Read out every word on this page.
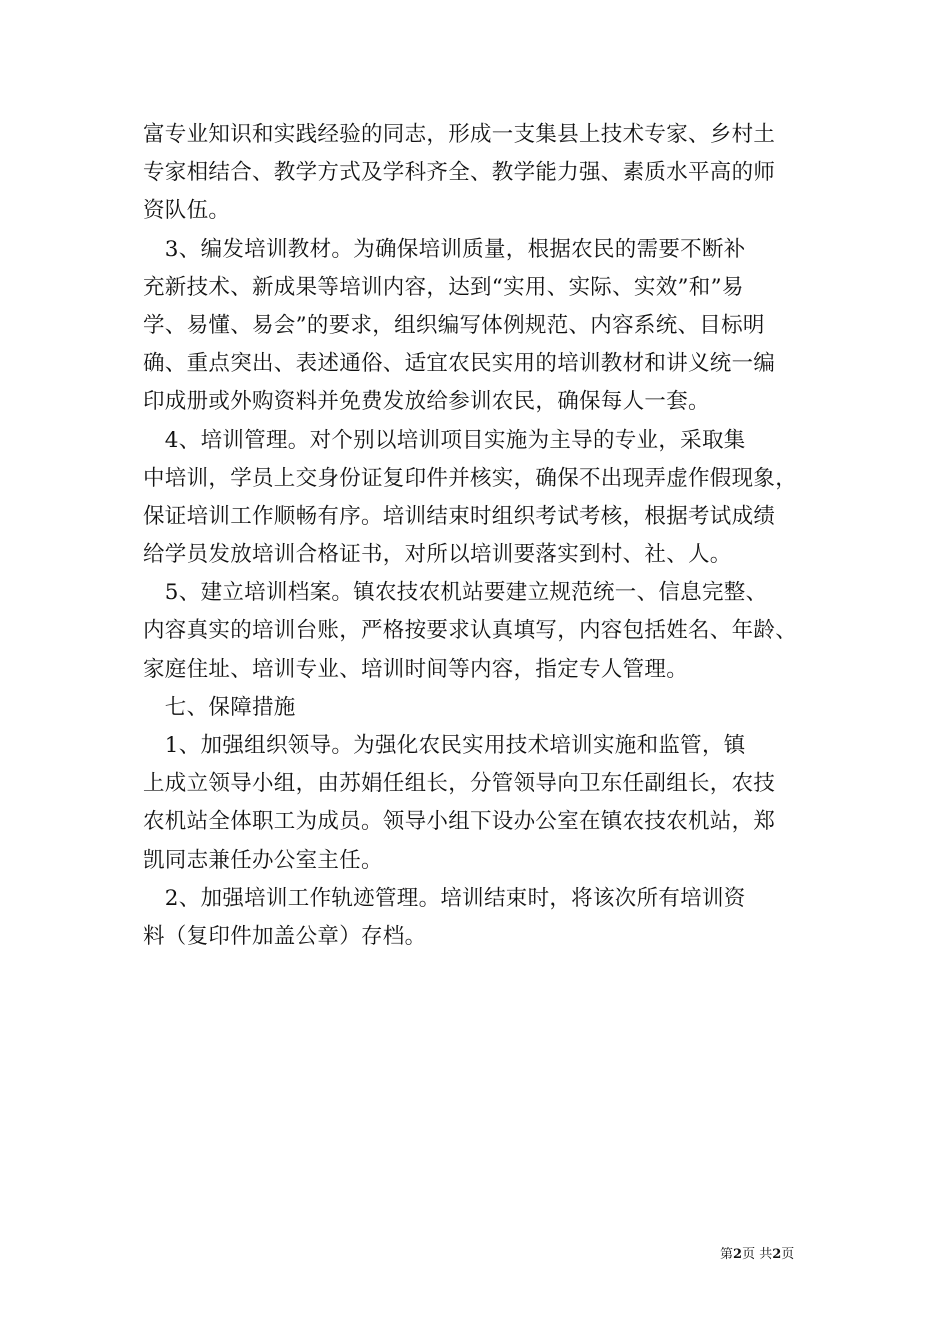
富专业知识和实践经验的同志，形成一支集县上技术专家、乡村土
专家相结合、教学方式及学科齐全、教学能力强、素质水平高的师
资队伍。
　3、编发培训教材。为确保培训质量，根据农民的需要不断补
充新技术、新成果等培训内容，达到“实用、实际、实效”和”易
学、易懂、易会”的要求，组织编写体例规范、内容系统、目标明
确、重点突出、表述通俗、适宜农民实用的培训教材和讲义统一编
印成册或外购资料并免费发放给参训农民，确保每人一套。
　4、培训管理。对个别以培训项目实施为主导的专业，采取集
中培训，学员上交身份证复印件并核实，确保不出现弄虚作假现象，
保证培训工作顺畅有序。培训结束时组织考试考核，根据考试成绩
给学员发放培训合格证书，对所以培训要落实到村、社、人。
　5、建立培训档案。镇农技农机站要建立规范统一、信息完整、
内容真实的培训台账，严格按要求认真填写，内容包括姓名、年龄、
家庭住址、培训专业、培训时间等内容，指定专人管理。
　七、保障措施
　1、加强组织领导。为强化农民实用技术培训实施和监管，镇
上成立领导小组，由苏娟任组长，分管领导向卫东任副组长，农技
农机站全体职工为成员。领导小组下设办公室在镇农技农机站，郑
凯同志兼任办公室主任。
　2、加强培训工作轨迹管理。培训结束时，将该次所有培训资
料（复印件加盖公章）存档。
第2页 共2页
